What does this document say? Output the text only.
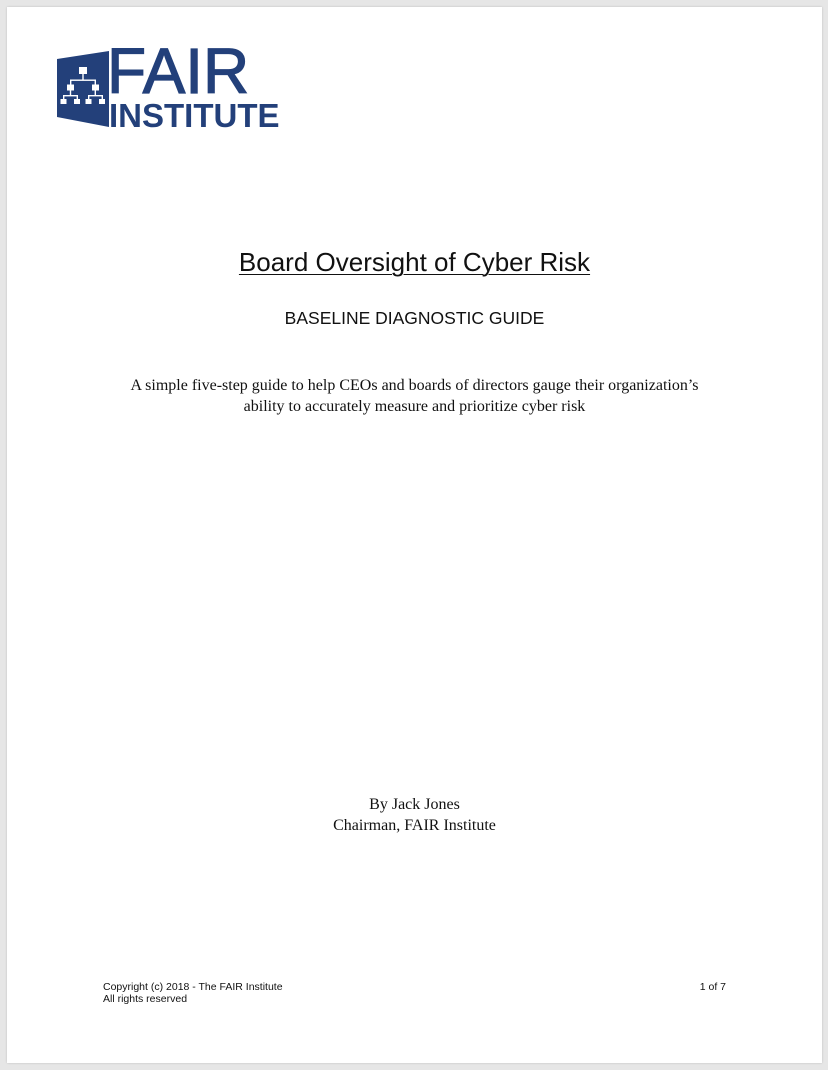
FAIR
INSTITUTE
Board Oversight of Cyber Risk
BASELINE DIAGNOSTIC GUIDE
A simple five-step guide to help CEOs and boards of directors gauge their organization’s
ability to accurately measure and prioritize cyber risk
By Jack Jones
Chairman, FAIR Institute
Copyright (c) 2018 - The FAIR Institute
All rights reserved
1 of 7
